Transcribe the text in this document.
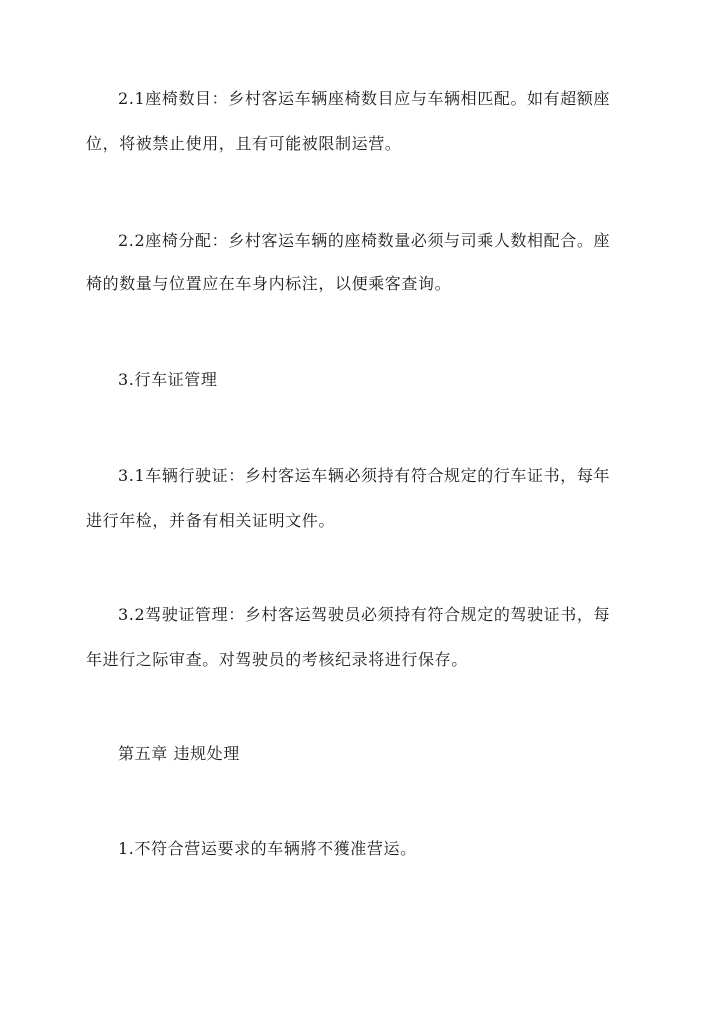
2.1座椅数目：乡村客运车辆座椅数目应与车辆相匹配。如有超额座
位，将被禁止使用，且有可能被限制运营。
2.2座椅分配：乡村客运车辆的座椅数量必须与司乘人数相配合。座
椅的数量与位置应在车身内标注，以便乘客查询。
3.行车证管理
3.1车辆行驶证：乡村客运车辆必须持有符合规定的行车证书，每年
进行年检，并备有相关证明文件。
3.2驾驶证管理：乡村客运驾驶员必须持有符合规定的驾驶证书，每
年进行之际审查。对驾驶员的考核纪录将进行保存。
第五章 违规处理
1.不符合营运要求的车辆將不獲准营运。
